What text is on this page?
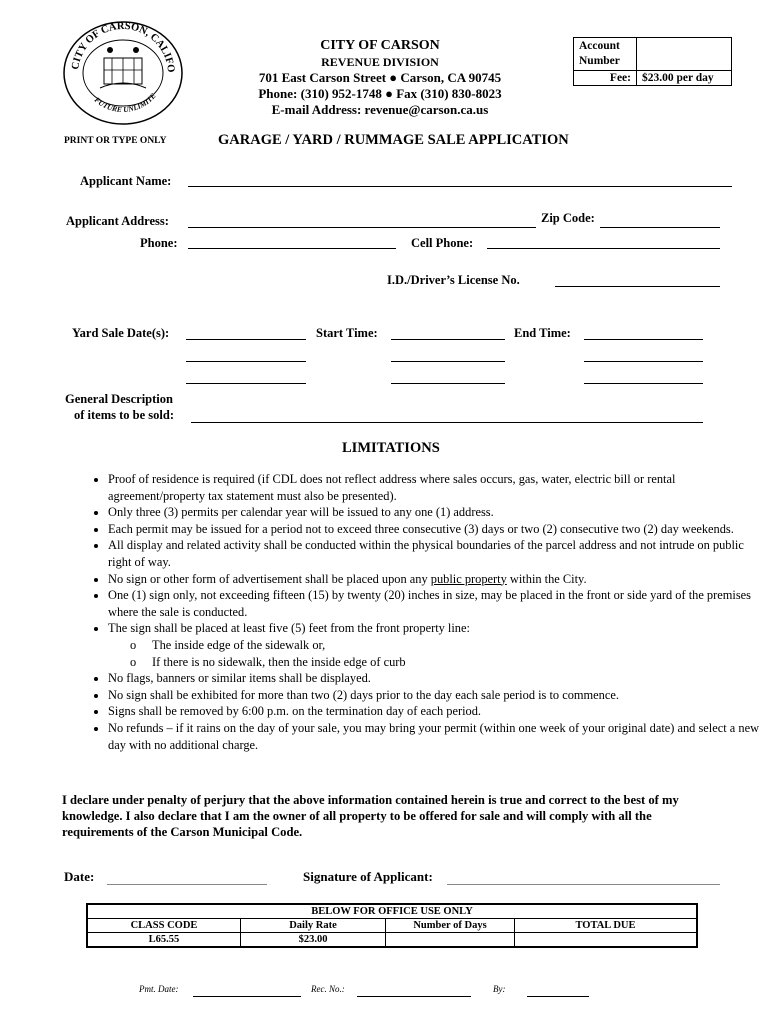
CITY OF CARSON, CALIFO
FUTURE UNLIMITE
CITY OF CARSON
REVENUE DIVISION
701 East Carson Street ● Carson, CA 90745
Phone: (310) 952-1748 ● Fax (310) 830-8023
E-mail Address: revenue@carson.ca.us
Account Number	
Fee:	$23.00 per day
PRINT OR TYPE ONLY	GARAGE / YARD / RUMMAGE SALE APPLICATION
Applicant Name:
Applicant Address:	Zip Code:
Phone:	Cell Phone:
I.D./Driver’s License No.
Yard Sale Date(s):	Start Time:	End Time:
General Description
of items to be sold:
LIMITATIONS
• Proof of residence is required (if CDL does not reflect address where sales occurs, gas, water, electric bill or rental agreement/property tax statement must also be presented).
• Only three (3) permits per calendar year will be issued to any one (1) address.
• Each permit may be issued for a period not to exceed three consecutive (3) days or two (2) consecutive two (2) day weekends.
• All display and related activity shall be conducted within the physical boundaries of the parcel address and not intrude on public right of way.
• No sign or other form of advertisement shall be placed upon any public property within the City.
• One (1) sign only, not exceeding fifteen (15) by twenty (20) inches in size, may be placed in the front or side yard of the premises where the sale is conducted.
• The sign shall be placed at least five (5) feet from the front property line:
o The inside edge of the sidewalk or,
o If there is no sidewalk, then the inside edge of curb
• No flags, banners or similar items shall be displayed.
• No sign shall be exhibited for more than two (2) days prior to the day each sale period is to commence.
• Signs shall be removed by 6:00 p.m. on the termination day of each period.
• No refunds – if it rains on the day of your sale, you may bring your permit (within one week of your original date) and select a new day with no additional charge.
I declare under penalty of perjury that the above information contained herein is true and correct to the best of my knowledge. I also declare that I am the owner of all property to be offered for sale and will comply with all the requirements of the Carson Municipal Code.
Date:	Signature of Applicant:
BELOW FOR OFFICE USE ONLY			
CLASS CODE	Daily Rate	Number of Days	TOTAL DUE
L65.55	$23.00		
Pmt. Date:	Rec. No.:	By:
